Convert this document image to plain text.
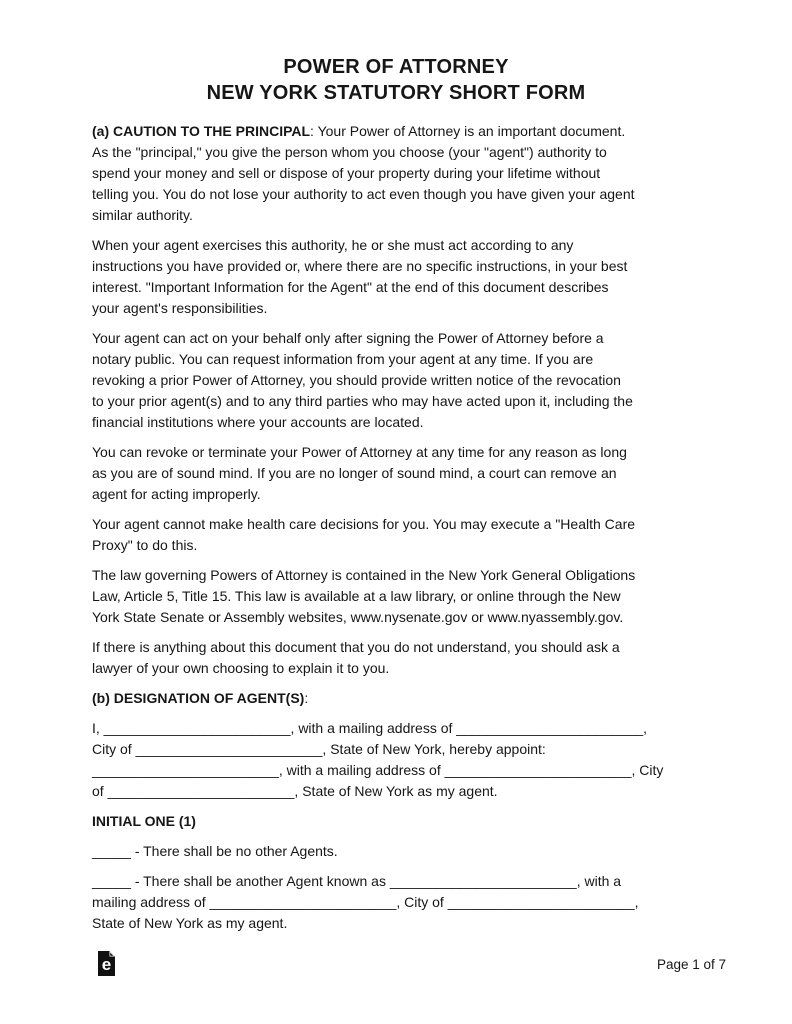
POWER OF ATTORNEY
NEW YORK STATUTORY SHORT FORM
(a) CAUTION TO THE PRINCIPAL: Your Power of Attorney is an important document.
As the "principal," you give the person whom you choose (your "agent") authority to
spend your money and sell or dispose of your property during your lifetime without
telling you. You do not lose your authority to act even though you have given your agent
similar authority.
When your agent exercises this authority, he or she must act according to any
instructions you have provided or, where there are no specific instructions, in your best
interest. "Important Information for the Agent" at the end of this document describes
your agent's responsibilities.
Your agent can act on your behalf only after signing the Power of Attorney before a
notary public. You can request information from your agent at any time. If you are
revoking a prior Power of Attorney, you should provide written notice of the revocation
to your prior agent(s) and to any third parties who may have acted upon it, including the
financial institutions where your accounts are located.
You can revoke or terminate your Power of Attorney at any time for any reason as long
as you are of sound mind. If you are no longer of sound mind, a court can remove an
agent for acting improperly.
Your agent cannot make health care decisions for you. You may execute a "Health Care
Proxy" to do this.
The law governing Powers of Attorney is contained in the New York General Obligations
Law, Article 5, Title 15. This law is available at a law library, or online through the New
York State Senate or Assembly websites, www.nysenate.gov or www.nyassembly.gov.
If there is anything about this document that you do not understand, you should ask a
lawyer of your own choosing to explain it to you.
(b) DESIGNATION OF AGENT(S):
I, ________________________, with a mailing address of ________________________,
City of ________________________, State of New York, hereby appoint:
________________________, with a mailing address of ________________________, City
of ________________________, State of New York as my agent.
INITIAL ONE (1)
_____ - There shall be no other Agents.
_____ - There shall be another Agent known as ________________________, with a
mailing address of ________________________, City of ________________________,
State of New York as my agent.
e	Page 1 of 7
